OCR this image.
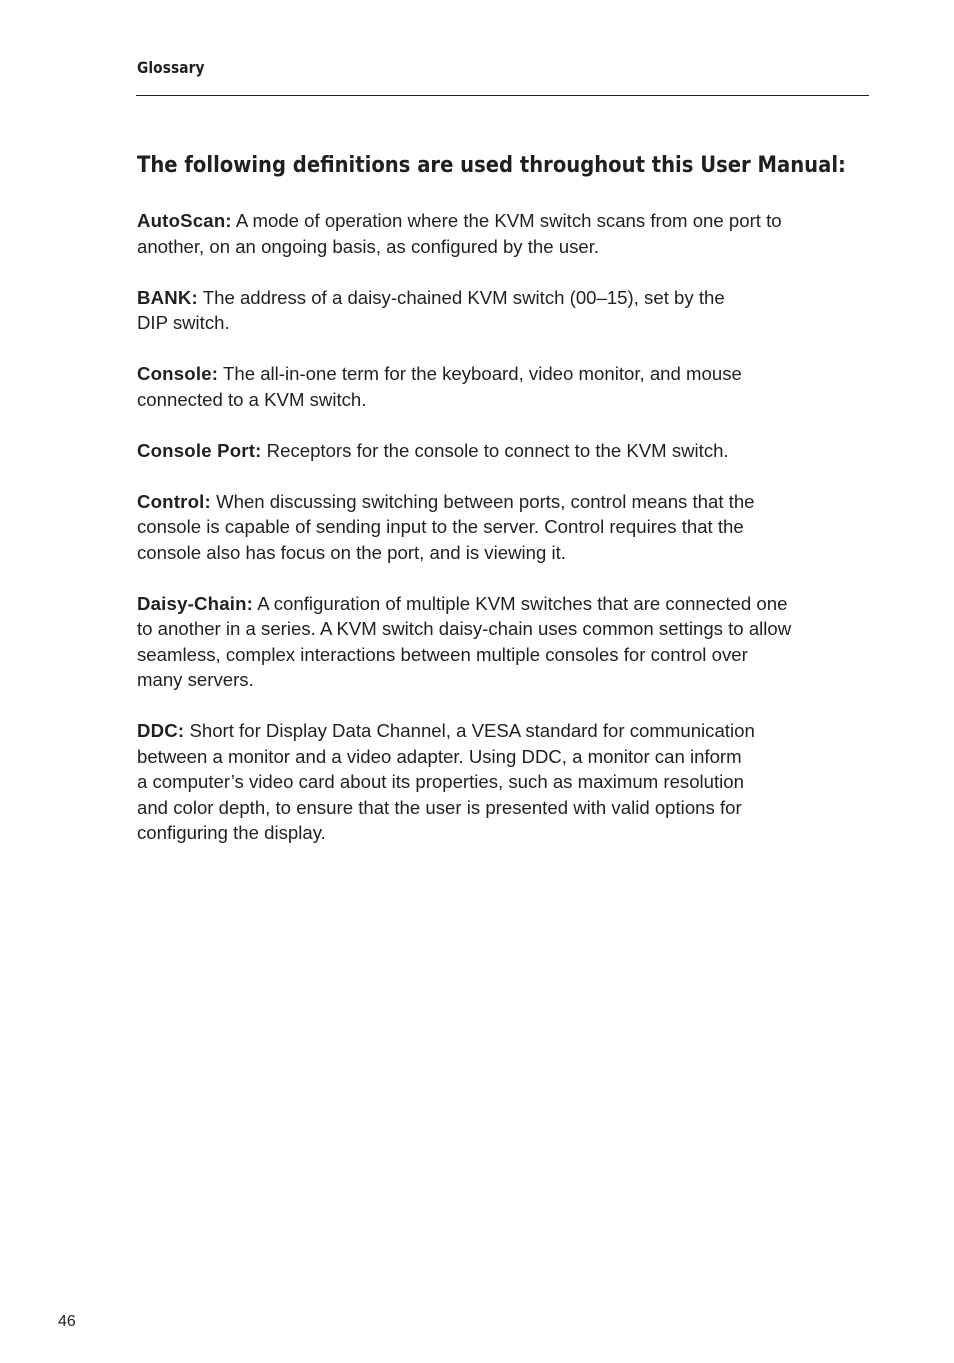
Glossary

The following definitions are used throughout this User Manual:

AutoScan: A mode of operation where the KVM switch scans from one port to
another, on an ongoing basis, as configured by the user.

BANK: The address of a daisy-chained KVM switch (00–15), set by the
DIP switch.

Console: The all-in-one term for the keyboard, video monitor, and mouse
connected to a KVM switch.

Console Port: Receptors for the console to connect to the KVM switch.

Control: When discussing switching between ports, control means that the
console is capable of sending input to the server. Control requires that the
console also has focus on the port, and is viewing it.

Daisy-Chain: A configuration of multiple KVM switches that are connected one
to another in a series. A KVM switch daisy-chain uses common settings to allow
seamless, complex interactions between multiple consoles for control over
many servers.

DDC: Short for Display Data Channel, a VESA standard for communication
between a monitor and a video adapter. Using DDC, a monitor can inform
a computer’s video card about its properties, such as maximum resolution
and color depth, to ensure that the user is presented with valid options for
configuring the display.

46
